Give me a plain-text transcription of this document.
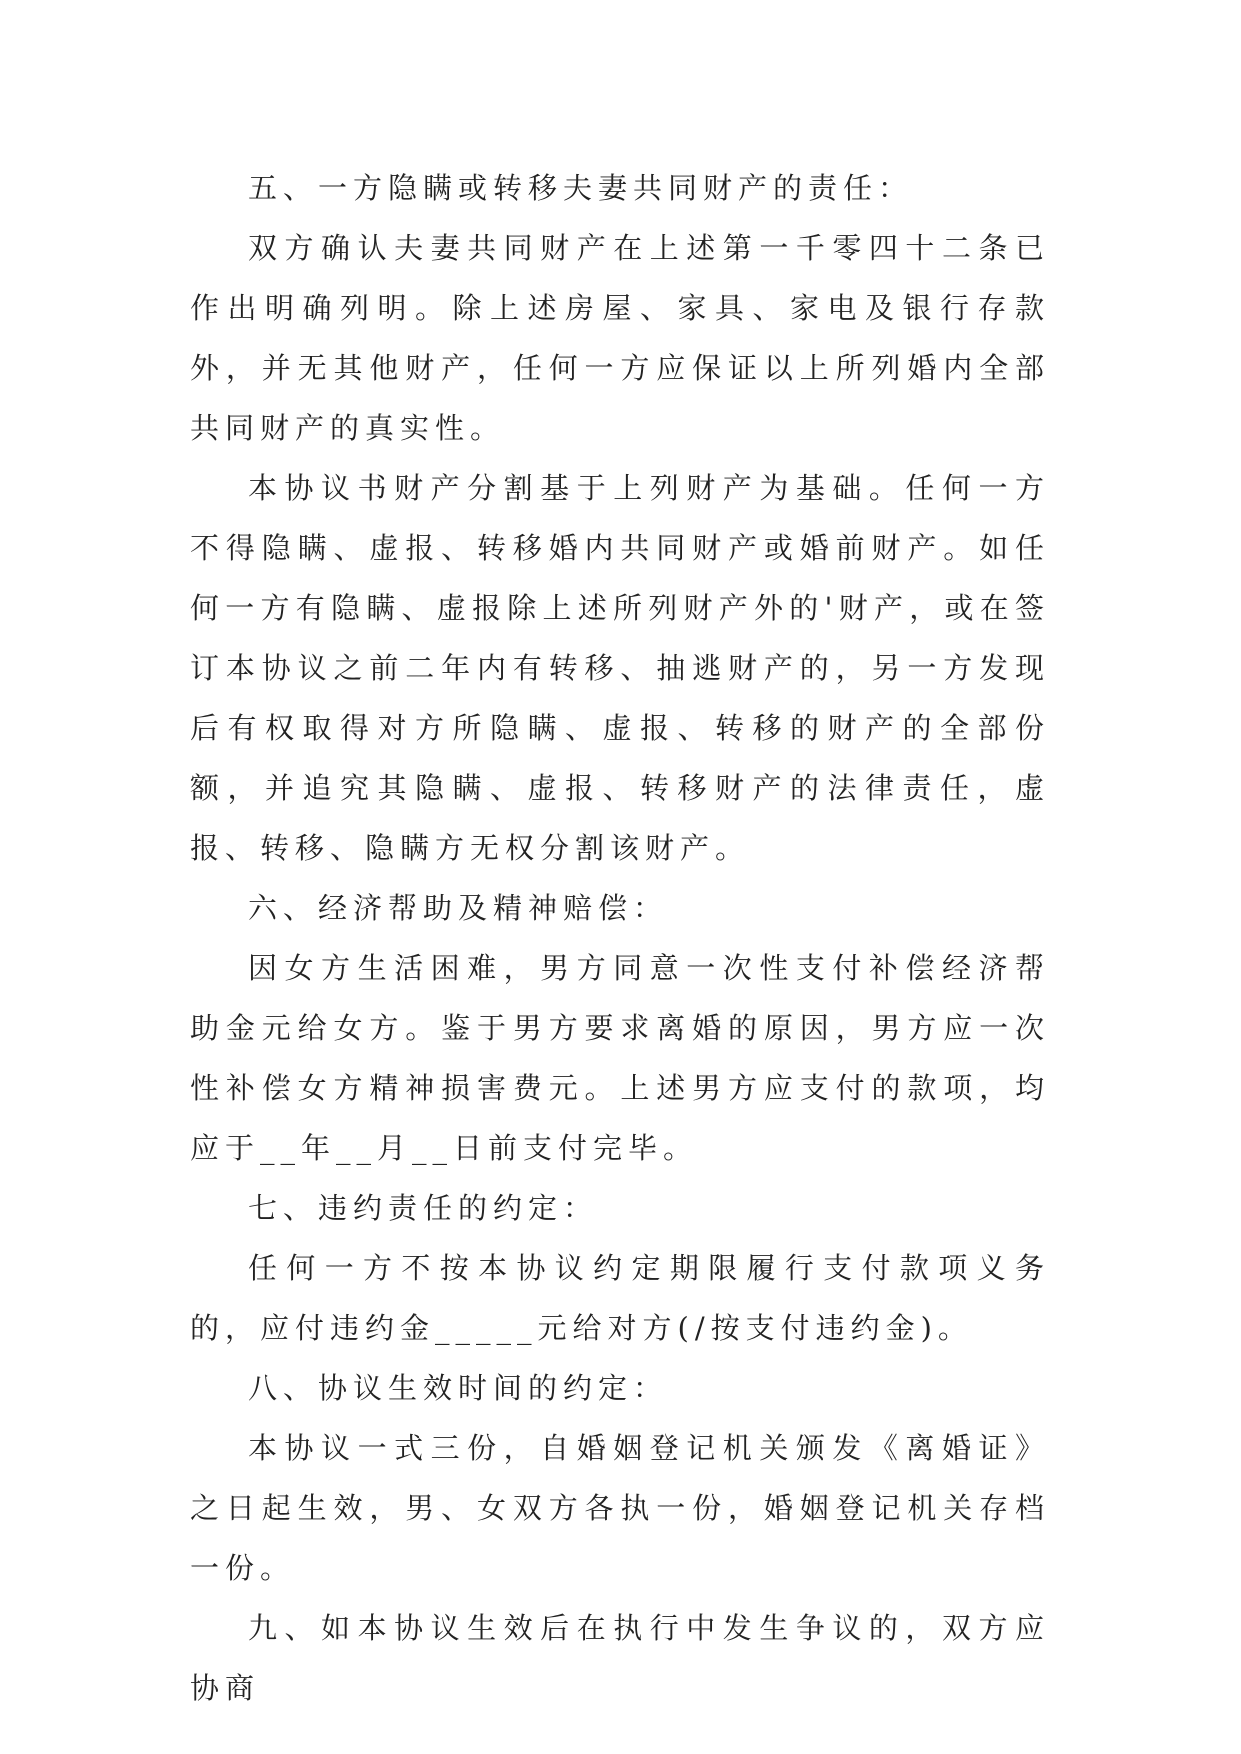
五、一方隐瞒或转移夫妻共同财产的责任：

双方确认夫妻共同财产在上述第一千零四十二条已作出明确列明。除上述房屋、家具、家电及银行存款外，并无其他财产，任何一方应保证以上所列婚内全部共同财产的真实性。

本协议书财产分割基于上列财产为基础。任何一方不得隐瞒、虚报、转移婚内共同财产或婚前财产。如任何一方有隐瞒、虚报除上述所列财产外的'财产，或在签订本协议之前二年内有转移、抽逃财产的，另一方发现后有权取得对方所隐瞒、虚报、转移的财产的全部份额，并追究其隐瞒、虚报、转移财产的法律责任，虚报、转移、隐瞒方无权分割该财产。

六、经济帮助及精神赔偿：

因女方生活困难，男方同意一次性支付补偿经济帮助金元给女方。鉴于男方要求离婚的原因，男方应一次性补偿女方精神损害费元。上述男方应支付的款项，均应于__年__月__日前支付完毕。

七、违约责任的约定：

任何一方不按本协议约定期限履行支付款项义务的，应付违约金_____元给对方(/按支付违约金)。

八、协议生效时间的约定：

本协议一式三份，自婚姻登记机关颁发《离婚证》之日起生效，男、女双方各执一份，婚姻登记机关存档一份。

九、如本协议生效后在执行中发生争议的，双方应协商
